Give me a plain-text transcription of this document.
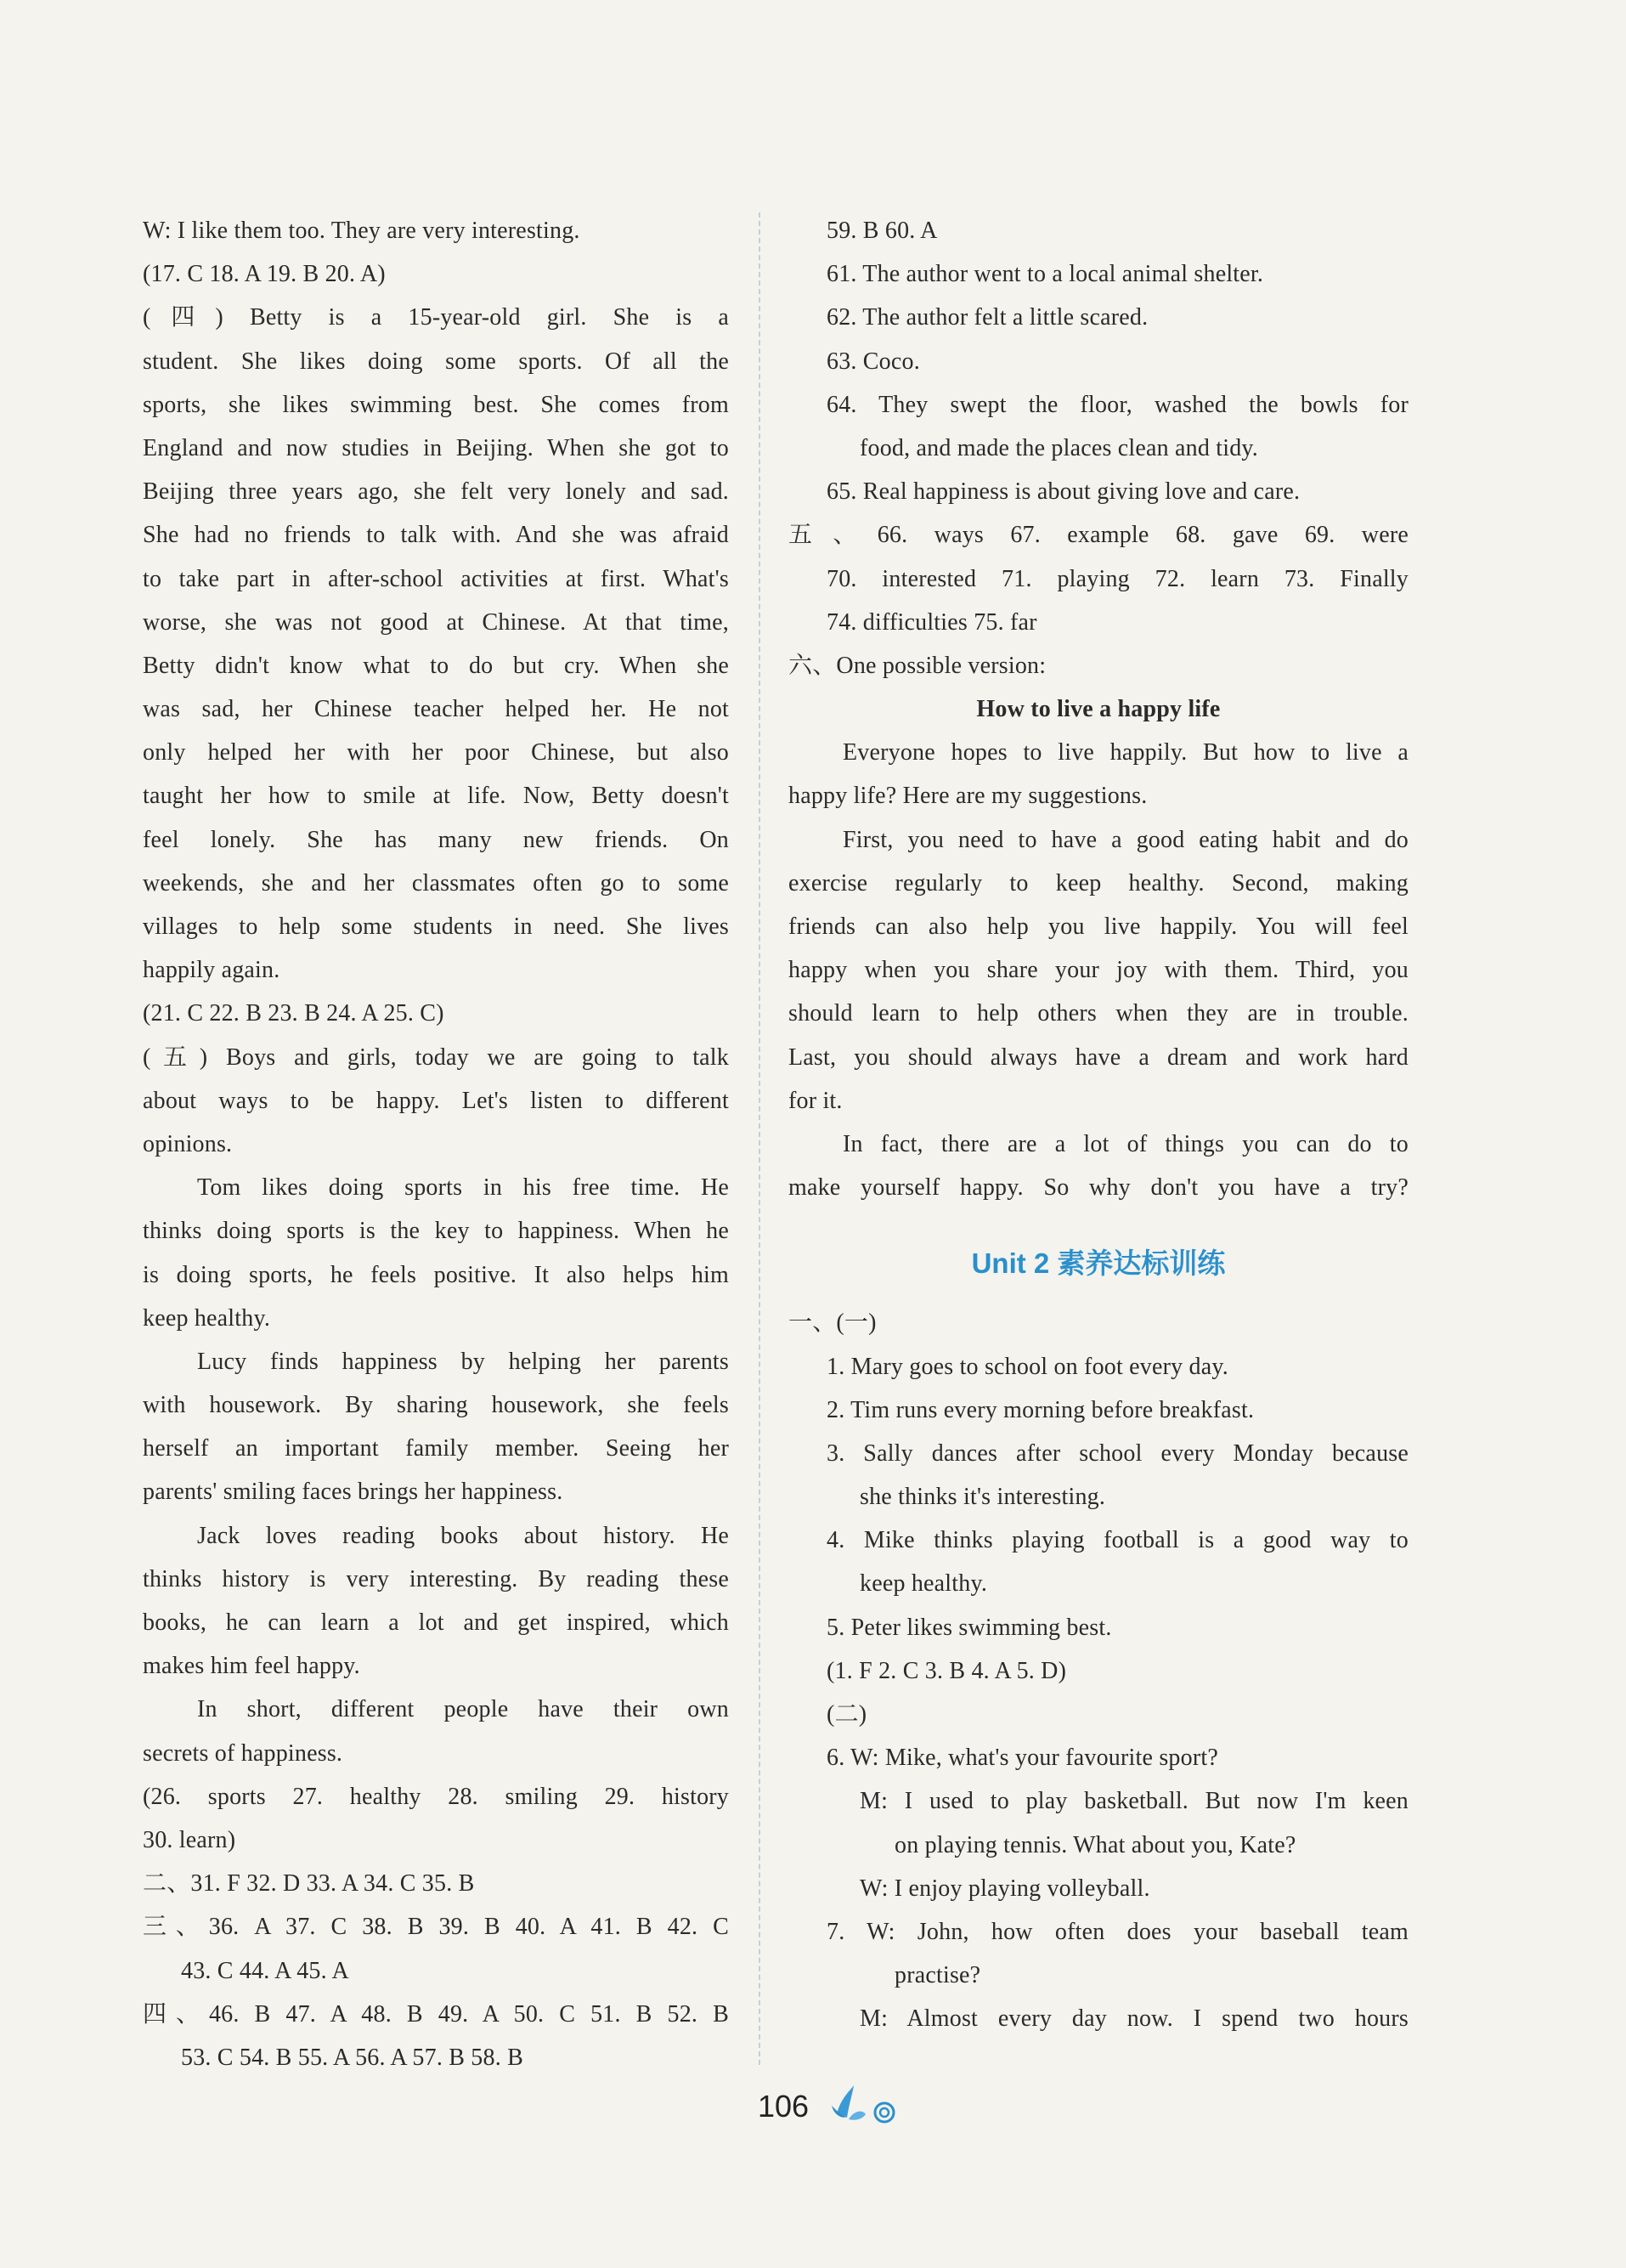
W: I like them too. They are very interesting.
(17. C 18. A 19. B 20. A)
(四) Betty is a 15-year-old girl. She is a
student. She likes doing some sports. Of all the
sports, she likes swimming best. She comes from
England and now studies in Beijing. When she got to
Beijing three years ago, she felt very lonely and sad.
She had no friends to talk with. And she was afraid
to take part in after-school activities at first. What's
worse, she was not good at Chinese. At that time,
Betty didn't know what to do but cry. When she
was sad, her Chinese teacher helped her. He not
only helped her with her poor Chinese, but also
taught her how to smile at life. Now, Betty doesn't
feel lonely. She has many new friends. On
weekends, she and her classmates often go to some
villages to help some students in need. She lives
happily again.
(21. C 22. B 23. B 24. A 25. C)
(五) Boys and girls, today we are going to talk
about ways to be happy. Let's listen to different
opinions.
Tom likes doing sports in his free time. He
thinks doing sports is the key to happiness. When he
is doing sports, he feels positive. It also helps him
keep healthy.
Lucy finds happiness by helping her parents
with housework. By sharing housework, she feels
herself an important family member. Seeing her
parents' smiling faces brings her happiness.
Jack loves reading books about history. He
thinks history is very interesting. By reading these
books, he can learn a lot and get inspired, which
makes him feel happy.
In short, different people have their own
secrets of happiness.
(26. sports 27. healthy 28. smiling 29. history
30. learn)
二、31. F 32. D 33. A 34. C 35. B
三、36. A 37. C 38. B 39. B 40. A 41. B 42. C
43. C 44. A 45. A
四、46. B 47. A 48. B 49. A 50. C 51. B 52. B
53. C 54. B 55. A 56. A 57. B 58. B
59. B 60. A
61. The author went to a local animal shelter.
62. The author felt a little scared.
63. Coco.
64. They swept the floor, washed the bowls for
food, and made the places clean and tidy.
65. Real happiness is about giving love and care.
五、66. ways 67. example 68. gave 69. were
70. interested 71. playing 72. learn 73. Finally
74. difficulties 75. far
六、One possible version:
How to live a happy life
Everyone hopes to live happily. But how to live a
happy life? Here are my suggestions.
First, you need to have a good eating habit and do
exercise regularly to keep healthy. Second, making
friends can also help you live happily. You will feel
happy when you share your joy with them. Third, you
should learn to help others when they are in trouble.
Last, you should always have a dream and work hard
for it.
In fact, there are a lot of things you can do to
make yourself happy. So why don't you have a try?
Unit 2 素养达标训练
一、(一)
1. Mary goes to school on foot every day.
2. Tim runs every morning before breakfast.
3. Sally dances after school every Monday because
she thinks it's interesting.
4. Mike thinks playing football is a good way to
keep healthy.
5. Peter likes swimming best.
(1. F 2. C 3. B 4. A 5. D)
(二)
6. W: Mike, what's your favourite sport?
M: I used to play basketball. But now I'm keen
on playing tennis. What about you, Kate?
W: I enjoy playing volleyball.
7. W: John, how often does your baseball team
practise?
M: Almost every day now. I spend two hours
106
